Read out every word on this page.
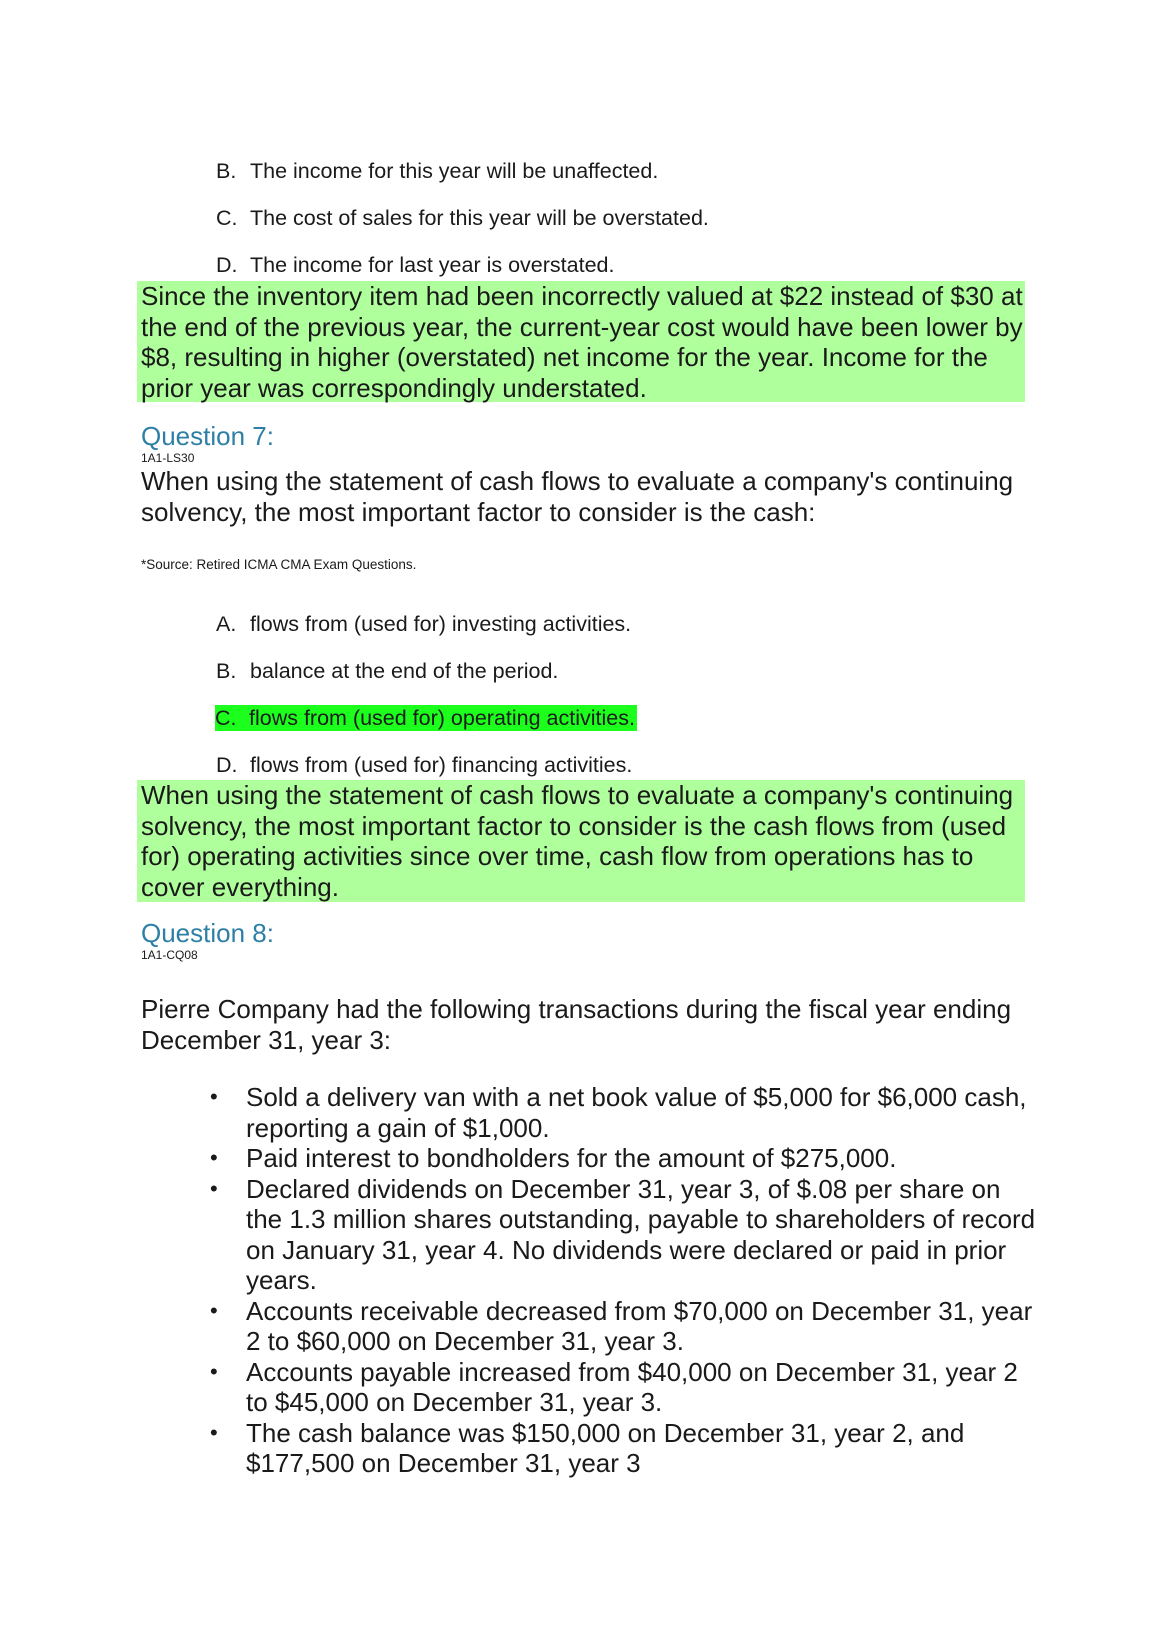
B. The income for this year will be unaffected.
C. The cost of sales for this year will be overstated.
D. The income for last year is overstated.
Since the inventory item had been incorrectly valued at $22 instead of $30 at the end of the previous year, the current-year cost would have been lower by $8, resulting in higher (overstated) net income for the year. Income for the prior year was correspondingly understated.
Question 7:
1A1-LS30
When using the statement of cash flows to evaluate a company's continuing solvency, the most important factor to consider is the cash:
*Source: Retired ICMA CMA Exam Questions.
A. flows from (used for) investing activities.
B. balance at the end of the period.
C. flows from (used for) operating activities.
D. flows from (used for) financing activities.
When using the statement of cash flows to evaluate a company's continuing solvency, the most important factor to consider is the cash flows from (used for) operating activities since over time, cash flow from operations has to cover everything.
Question 8:
1A1-CQ08
Pierre Company had the following transactions during the fiscal year ending December 31, year 3:
• Sold a delivery van with a net book value of $5,000 for $6,000 cash, reporting a gain of $1,000.
• Paid interest to bondholders for the amount of $275,000.
• Declared dividends on December 31, year 3, of $.08 per share on the 1.3 million shares outstanding, payable to shareholders of record on January 31, year 4. No dividends were declared or paid in prior years.
• Accounts receivable decreased from $70,000 on December 31, year 2 to $60,000 on December 31, year 3.
• Accounts payable increased from $40,000 on December 31, year 2 to $45,000 on December 31, year 3.
• The cash balance was $150,000 on December 31, year 2, and $177,500 on December 31, year 3
